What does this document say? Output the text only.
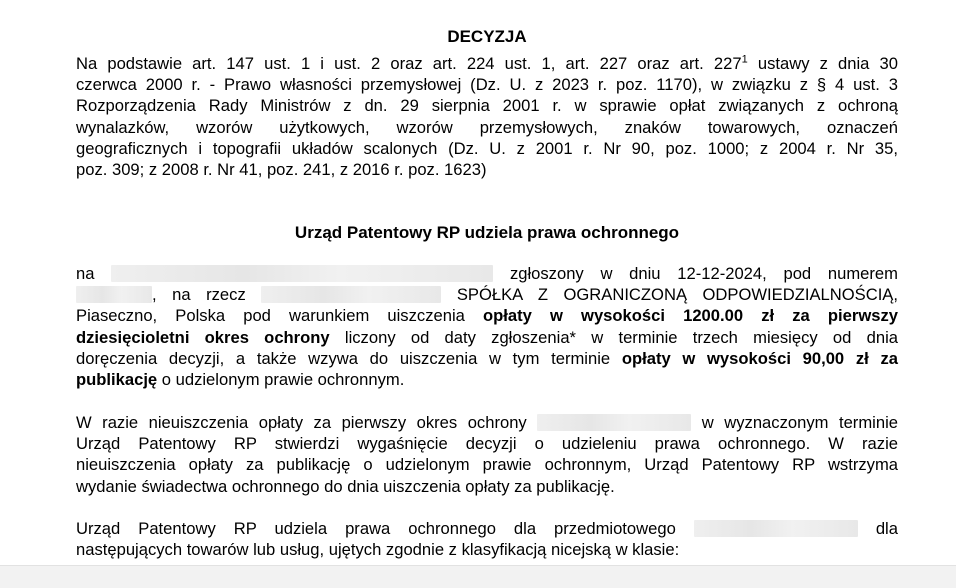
DECYZJA
Na podstawie art. 147 ust. 1 i ust. 2 oraz art. 224 ust. 1, art. 227 oraz art. $227^1$ ustawy z dnia 30
czerwca 2000 r. - Prawo własności przemysłowej (Dz. U. z 2023 r. poz. 1170), w związku z § 4 ust. 3
Rozporządzenia Rady Ministrów z dn. 29 sierpnia 2001 r. w sprawie opłat związanych z ochroną
wynalazków, wzorów użytkowych, wzorów przemysłowych, znaków towarowych, oznaczeń
geograficznych i topografii układów scalonych (Dz. U. z 2001 r. Nr 90, poz. 1000; z 2004 r. Nr 35,
poz. 309; z 2008 r. Nr 41, poz. 241, z 2016 r. poz. 1623)
Urząd Patentowy RP udziela prawa ochronnego
na	zgłoszony w dniu 12-12-2024, pod numerem
, na rzecz	SPÓŁKA Z OGRANICZONĄ ODPOWIEDZIALNOŚCIĄ,
Piaseczno, Polska pod warunkiem uiszczenia opłaty w wysokości 1200.00 zł za pierwszy
dziesięcioletni okres ochrony liczony od daty zgłoszenia* w terminie trzech miesięcy od dnia
doręczenia decyzji, a także wzywa do uiszczenia w tym terminie opłaty w wysokości 90,00 zł za
publikację o udzielonym prawie ochronnym.
W razie nieuiszczenia opłaty za pierwszy okres ochrony	w wyznaczonym terminie
Urząd Patentowy RP stwierdzi wygaśnięcie decyzji o udzieleniu prawa ochronnego. W razie
nieuiszczenia opłaty za publikację o udzielonym prawie ochronnym, Urząd Patentowy RP wstrzyma
wydanie świadectwa ochronnego do dnia uiszczenia opłaty za publikację.
Urząd Patentowy RP udziela prawa ochronnego dla przedmiotowego	dla
następujących towarów lub usług, ujętych zgodnie z klasyfikacją nicejską w klasie:
